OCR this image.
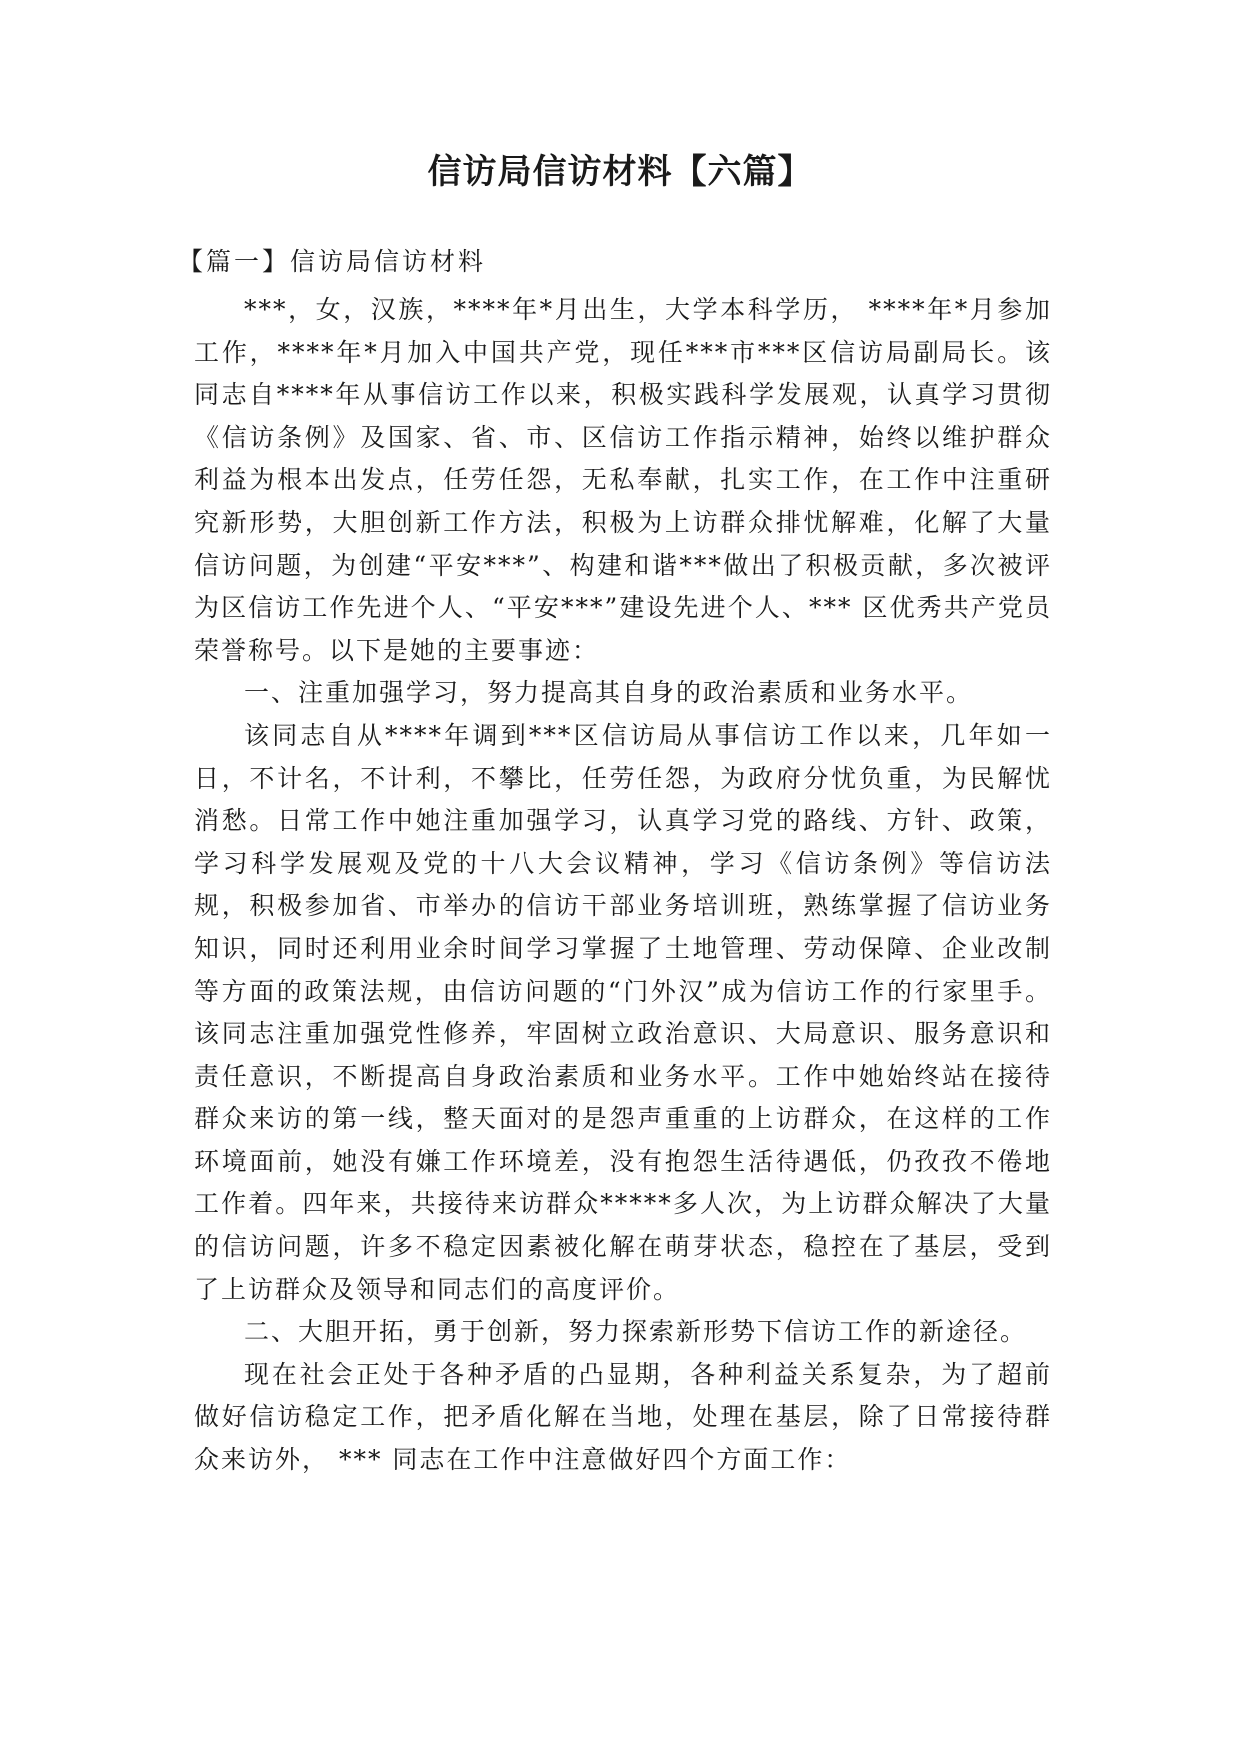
信访局信访材料【六篇】
【篇一】信访局信访材料

***，女，汉族，****年*月出生，大学本科学历， ****年*月参加工作，****年*月加入中国共产党，现任***市***区信访局副局长。该同志自****年从事信访工作以来，积极实践科学发展观，认真学习贯彻《信访条例》及国家、省、市、区信访工作指示精神，始终以维护群众利益为根本出发点，任劳任怨，无私奉献，扎实工作，在工作中注重研究新形势，大胆创新工作方法，积极为上访群众排忧解难，化解了大量信访问题，为创建“平安***”、构建和谐***做出了积极贡献，多次被评为区信访工作先进个人、“平安***”建设先进个人、*** 区优秀共产党员荣誉称号。以下是她的主要事迹：

一、注重加强学习，努力提高其自身的政治素质和业务水平。

该同志自从****年调到***区信访局从事信访工作以来，几年如一日，不计名，不计利，不攀比，任劳任怨，为政府分忧负重，为民解忧消愁。日常工作中她注重加强学习，认真学习党的路线、方针、政策，学习科学发展观及党的十八大会议精神，学习《信访条例》等信访法规，积极参加省、市举办的信访干部业务培训班，熟练掌握了信访业务知识，同时还利用业余时间学习掌握了土地管理、劳动保障、企业改制等方面的政策法规，由信访问题的“门外汉”成为信访工作的行家里手。该同志注重加强党性修养，牢固树立政治意识、大局意识、服务意识和责任意识，不断提高自身政治素质和业务水平。工作中她始终站在接待群众来访的第一线，整天面对的是怨声重重的上访群众，在这样的工作环境面前，她没有嫌工作环境差，没有抱怨生活待遇低，仍孜孜不倦地工作着。四年来，共接待来访群众*****多人次，为上访群众解决了大量的信访问题，许多不稳定因素被化解在萌芽状态，稳控在了基层，受到了上访群众及领导和同志们的高度评价。

二、大胆开拓，勇于创新，努力探索新形势下信访工作的新途径。

现在社会正处于各种矛盾的凸显期，各种利益关系复杂，为了超前做好信访稳定工作，把矛盾化解在当地，处理在基层，除了日常接待群众来访外， *** 同志在工作中注意做好四个方面工作：
